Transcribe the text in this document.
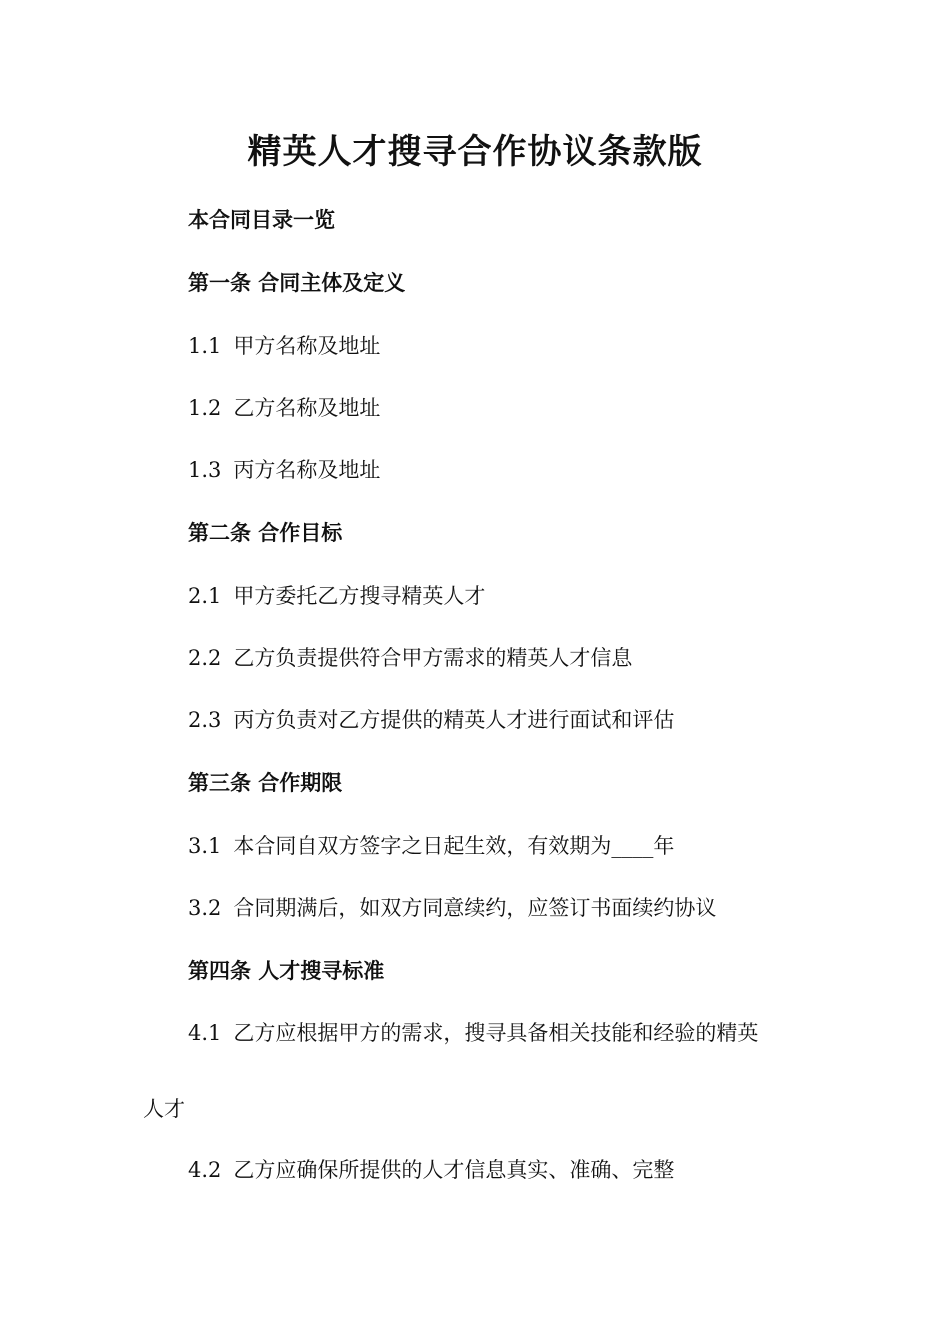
精英人才搜寻合作协议条款版

本合同目录一览

第一条 合同主体及定义

1.1 甲方名称及地址

1.2 乙方名称及地址

1.3 丙方名称及地址

第二条 合作目标

2.1 甲方委托乙方搜寻精英人才

2.2 乙方负责提供符合甲方需求的精英人才信息

2.3 丙方负责对乙方提供的精英人才进行面试和评估

第三条 合作期限

3.1 本合同自双方签字之日起生效，有效期为____年

3.2 合同期满后，如双方同意续约，应签订书面续约协议

第四条 人才搜寻标准

4.1 乙方应根据甲方的需求，搜寻具备相关技能和经验的精英

人才

4.2 乙方应确保所提供的人才信息真实、准确、完整
